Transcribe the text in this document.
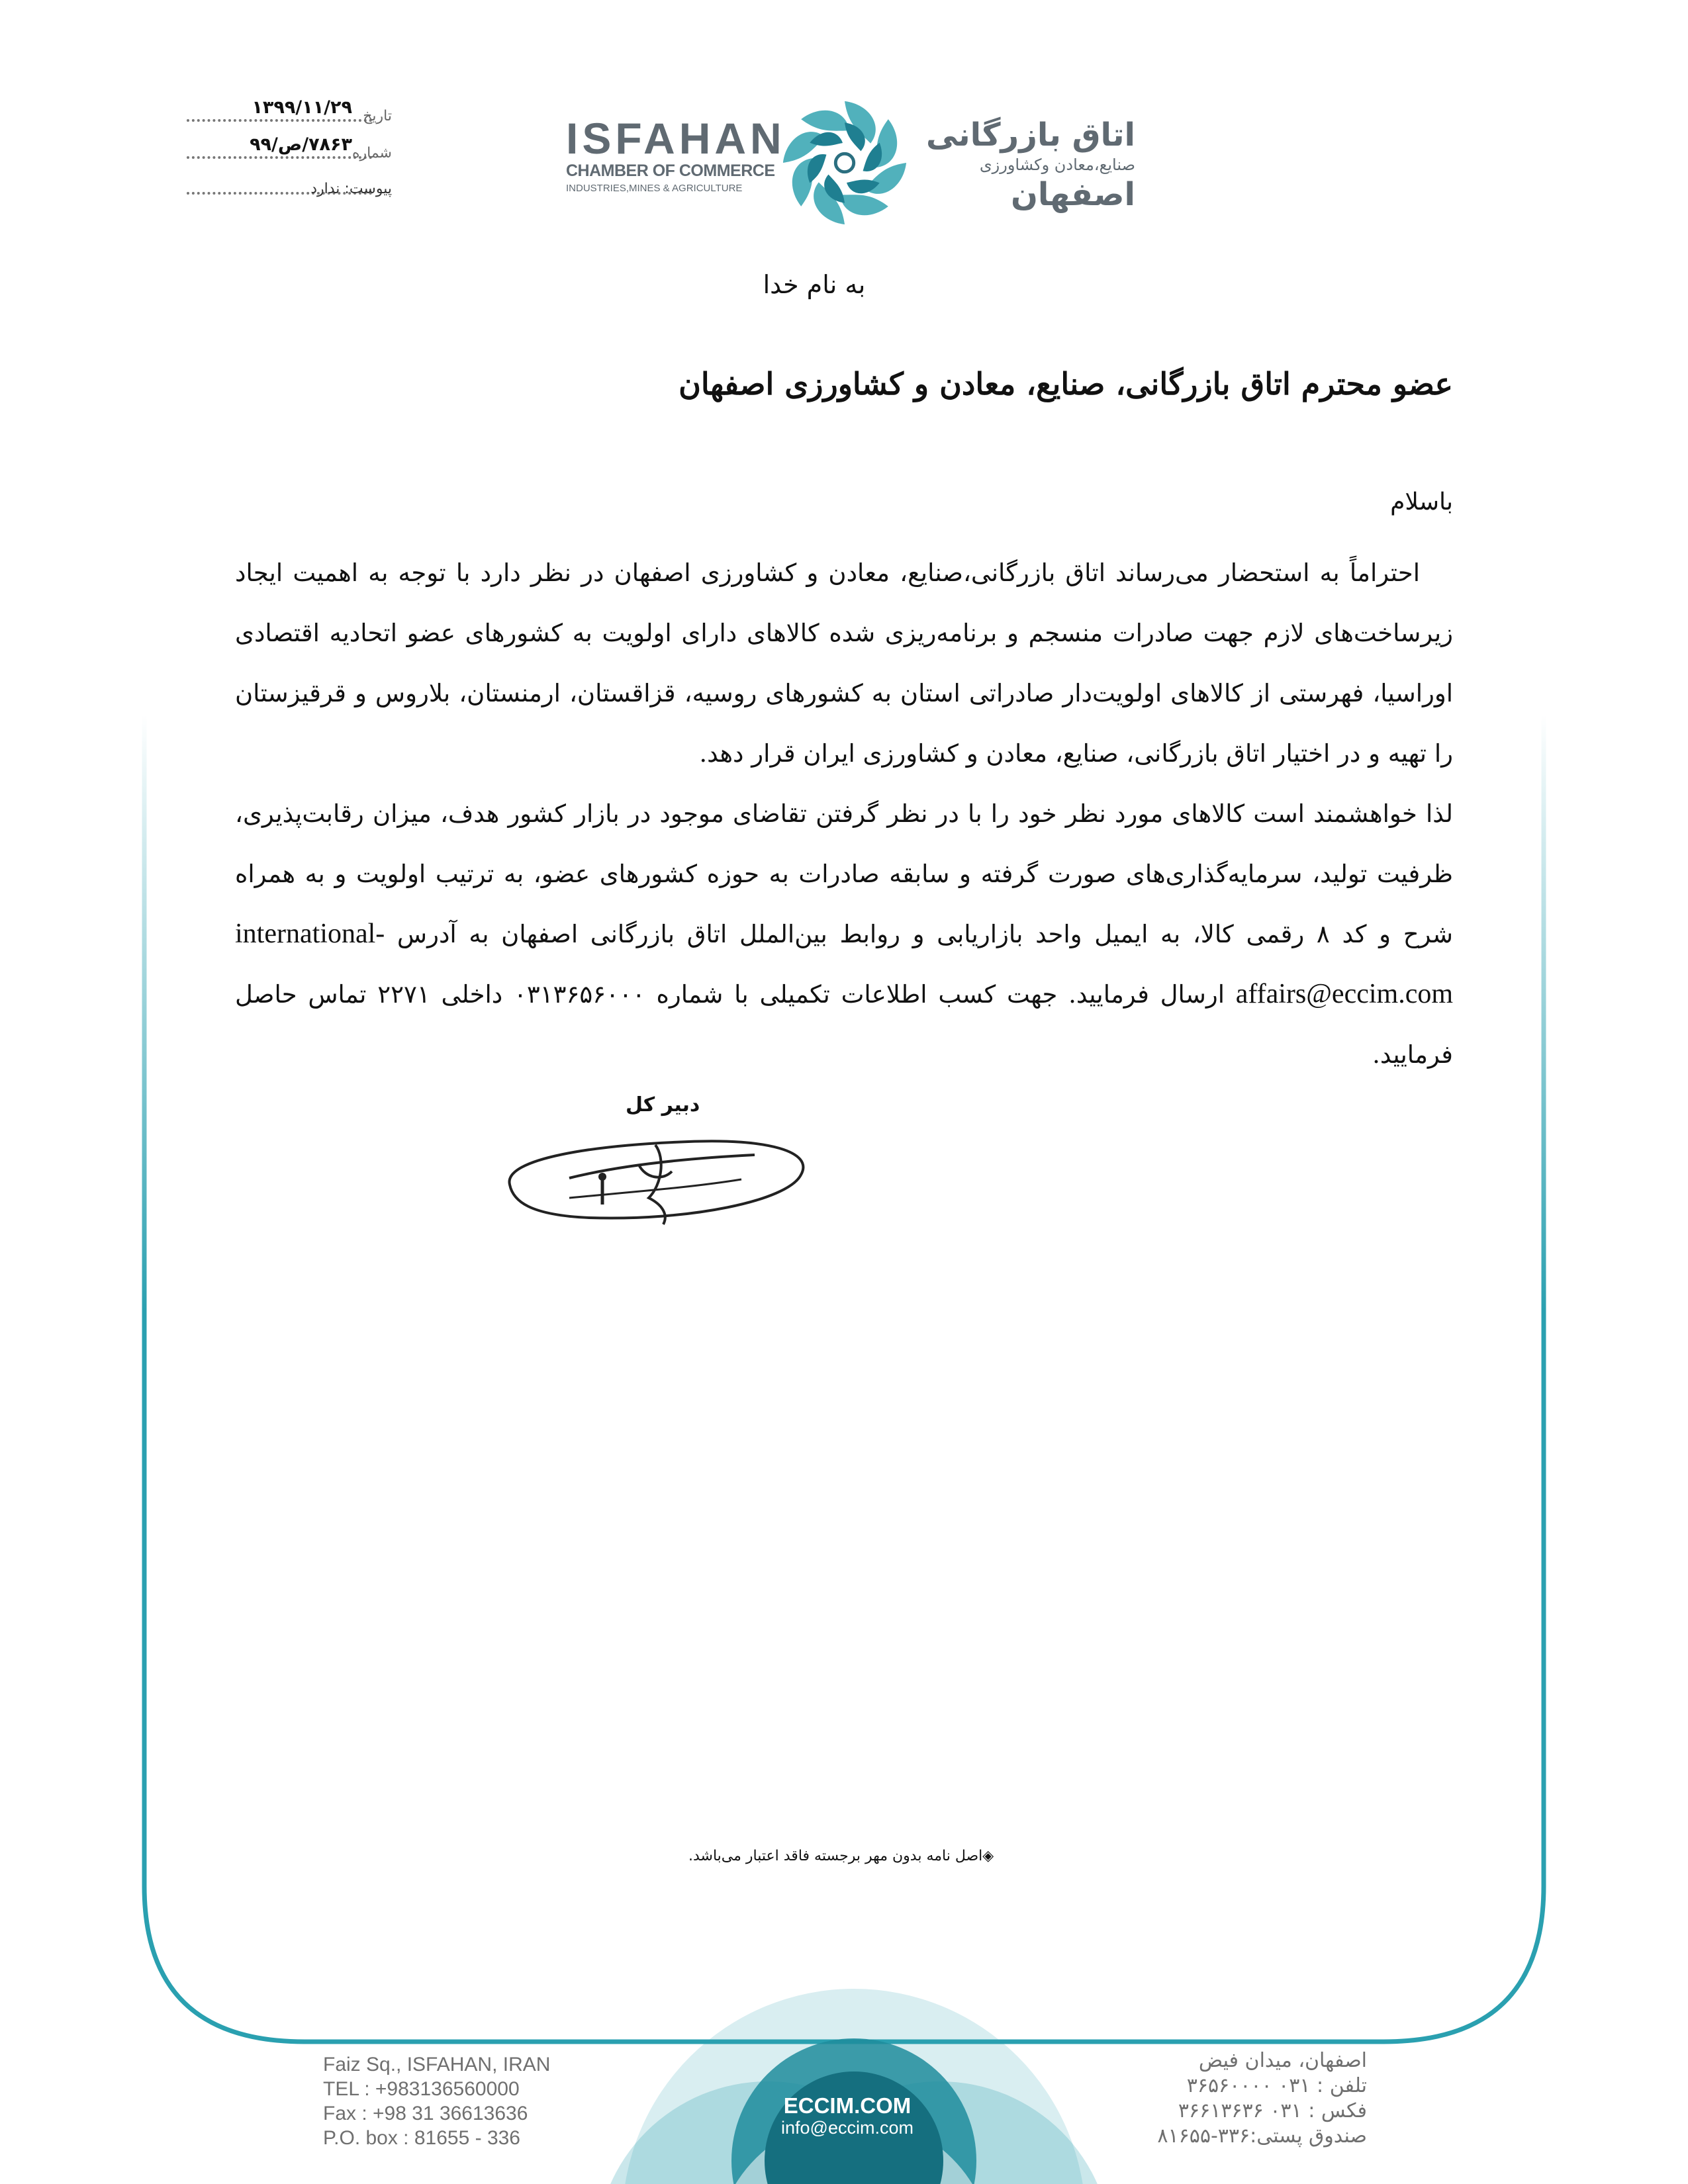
تاریخ
۱۳۹۹/۱۱/۲۹
شماره
۷۸۶۳/ص/۹۹
پیوست: ندارد
ISFAHAN
CHAMBER OF COMMERCE
INDUSTRIES,MINES & AGRICULTURE
اتاق بازرگانی
صنایع،معادن وکشاورزی
اصفهان
به نام خدا
عضو محترم اتاق بازرگانی، صنایع، معادن و کشاورزی اصفهان
باسلام

احتراماً به استحضار می‌رساند اتاق بازرگانی،صنایع، معادن و کشاورزی اصفهان در نظر دارد با توجه به اهمیت ایجاد زیرساخت‌های لازم جهت صادرات منسجم و برنامه‌ریزی شده کالاهای دارای اولویت به کشورهای عضو اتحادیه اقتصادی اوراسیا، فهرستی از کالاهای اولویت‌دار صادراتی استان به کشورهای روسیه، قزاقستان، ارمنستان، بلاروس و قرقیزستان را تهیه و در اختیار اتاق بازرگانی، صنایع، معادن و کشاورزی ایران قرار دهد.

لذا خواهشمند است کالاهای مورد نظر خود را با در نظر گرفتن تقاضای موجود در بازار کشور هدف، میزان رقابت‌پذیری، ظرفیت تولید، سرمایه‌گذاری‌های صورت گرفته و سابقه صادرات به حوزه کشورهای عضو، به ترتیب اولویت و به همراه شرح و کد ۸ رقمی کالا، به ایمیل واحد بازاریابی و روابط بین‌الملل اتاق بازرگانی اصفهان به آدرس international-affairs@eccim.com ارسال فرمایید. جهت کسب اطلاعات تکمیلی با شماره ۰۳۱۳۶۵۶۰۰۰ داخلی ۲۲۷۱ تماس حاصل فرمایید.

دبیر کل
◈اصل نامه بدون مهر برجسته فاقد اعتبار می‌باشد.
Faiz Sq., ISFAHAN, IRAN
TEL : +983136560000
Fax : +98 31 36613636
P.O. box : 81655 - 336
ECCIM.COM
info@eccim.com
اصفهان، میدان فیض
تلفن : ۰۳۱ ۳۶۵۶۰۰۰۰
فکس : ۰۳۱ ۳۶۶۱۳۶۳۶
صندوق پستی:۳۳۶-۸۱۶۵۵
